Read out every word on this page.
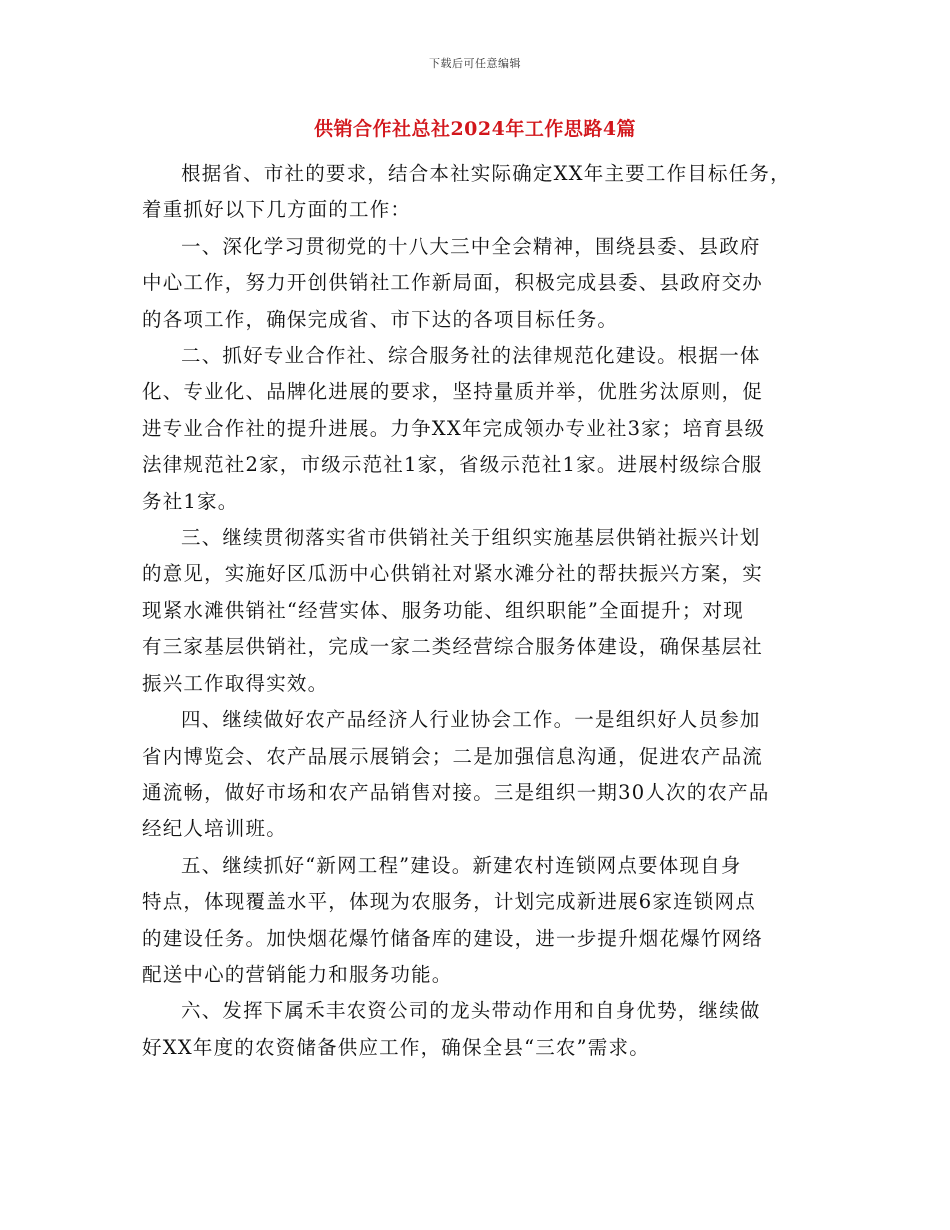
下载后可任意编辑
供销合作社总社2024年工作思路4篇

根据省、市社的要求，结合本社实际确定XX年主要工作目标任务，
着重抓好以下几方面的工作：

一、深化学习贯彻党的十八大三中全会精神，围绕县委、县政府
中心工作，努力开创供销社工作新局面，积极完成县委、县政府交办
的各项工作，确保完成省、市下达的各项目标任务。

二、抓好专业合作社、综合服务社的法律规范化建设。根据一体
化、专业化、品牌化进展的要求，坚持量质并举，优胜劣汰原则，促
进专业合作社的提升进展。力争XX年完成领办专业社3家；培育县级
法律规范社2家，市级示范社1家，省级示范社1家。进展村级综合服
务社1家。

三、继续贯彻落实省市供销社关于组织实施基层供销社振兴计划
的意见，实施好区瓜沥中心供销社对紧水滩分社的帮扶振兴方案，实
现紧水滩供销社“经营实体、服务功能、组织职能”全面提升；对现
有三家基层供销社，完成一家二类经营综合服务体建设，确保基层社
振兴工作取得实效。

四、继续做好农产品经济人行业协会工作。一是组织好人员参加
省内博览会、农产品展示展销会；二是加强信息沟通，促进农产品流
通流畅，做好市场和农产品销售对接。三是组织一期30人次的农产品
经纪人培训班。

五、继续抓好“新网工程”建设。新建农村连锁网点要体现自身
特点，体现覆盖水平，体现为农服务，计划完成新进展6家连锁网点
的建设任务。加快烟花爆竹储备库的建设，进一步提升烟花爆竹网络
配送中心的营销能力和服务功能。

六、发挥下属禾丰农资公司的龙头带动作用和自身优势，继续做
好XX年度的农资储备供应工作，确保全县“三农”需求。
